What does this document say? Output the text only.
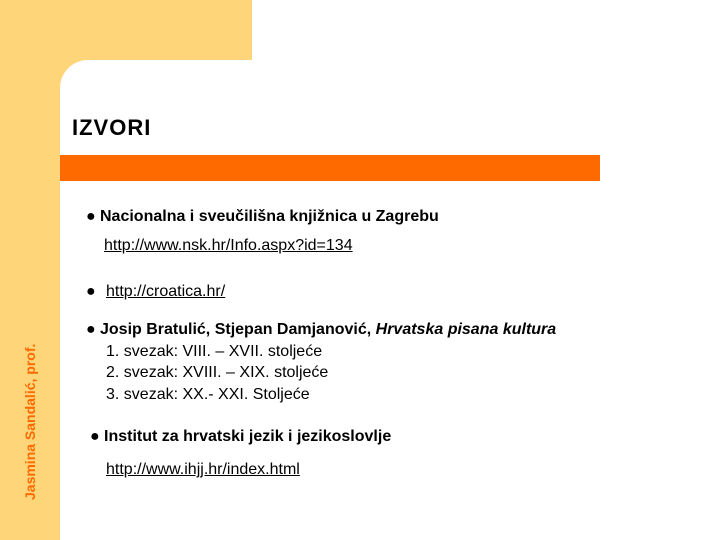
IZVORI
Jasmina Sandalić, prof.
● Nacionalna i sveučilišna knjižnica u Zagrebu
http://www.nsk.hr/Info.aspx?id=134
● http://croatica.hr/
● Josip Bratulić, Stjepan Damjanović, Hrvatska pisana kultura
1. svezak: VIII. – XVII. stoljeće
2. svezak: XVIII. – XIX. stoljeće
3. svezak: XX.- XXI. Stoljeće
● Institut za hrvatski jezik i jezikoslovlje
http://www.ihjj.hr/index.html
